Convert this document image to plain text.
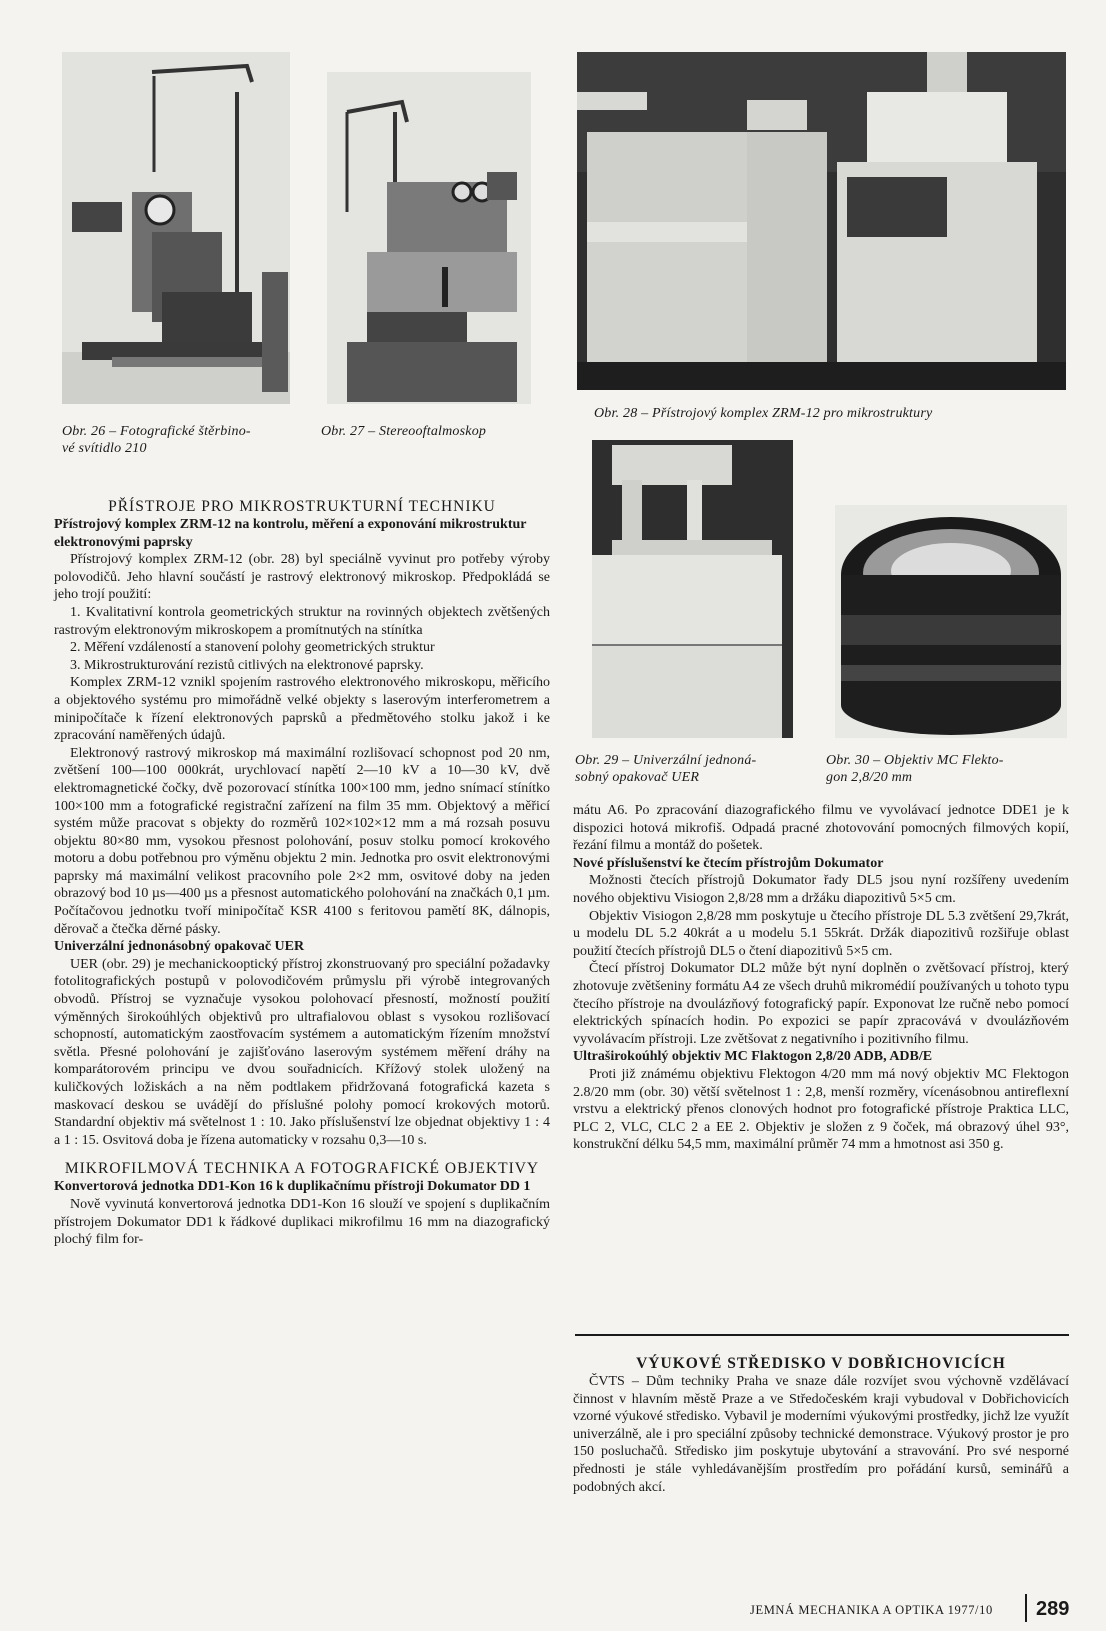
Obr. 26 – Fotografické štěrbino-
vé svítidlo 210
Obr. 27 – Stereooftalmoskop
Obr. 28 – Přístrojový komplex ZRM-12 pro mikrostruktury
Obr. 29 – Univerzální jednoná-
sobný opakovač UER
Obr. 30 – Objektiv MC Flekto-
gon 2,8/20 mm

PŘÍSTROJE PRO MIKROSTRUKTURNÍ TECHNIKU

Přístrojový komplex ZRM-12 na kontrolu, měření a exponování mikrostruktur elektronovými paprsky

Přístrojový komplex ZRM-12 (obr. 28) byl speciálně vyvinut pro potřeby výroby polovodičů. Jeho hlavní součástí je rastrový elektronový mikroskop. Předpokládá se jeho trojí použití:

1. Kvalitativní kontrola geometrických struktur na rovinných objektech zvětšených rastrovým elektronovým mikroskopem a promítnutých na stínítka

2. Měření vzdáleností a stanovení polohy geometrických struktur

3. Mikrostrukturování rezistů citlivých na elektronové paprsky.

Komplex ZRM-12 vznikl spojením rastrového elektronového mikroskopu, měřicího a objektového systému pro mimořádně velké objekty s laserovým interferometrem a minipočítače k řízení elektronových paprsků a předmětového stolku jakož i ke zpracování naměřených údajů.

Elektronový rastrový mikroskop má maximální rozlišovací schopnost pod 20 nm, zvětšení 100—100 000krát, urychlovací napětí 2—10 kV a 10—30 kV, dvě elektromagnetické čočky, dvě pozorovací stínítka 100×100 mm, jedno snímací stínítko 100×100 mm a fotografické registrační zařízení na film 35 mm. Objektový a měřicí systém může pracovat s objekty do rozměrů 102×102×12 mm a má rozsah posuvu objektu 80×80 mm, vysokou přesnost polohování, posuv stolku pomocí krokového motoru a dobu potřebnou pro výměnu objektu 2 min. Jednotka pro osvit elektronovými paprsky má maximální velikost pracovního pole 2×2 mm, osvitové doby na jeden obrazový bod 10 µs—400 µs a přesnost automatického polohování na značkách 0,1 µm. Počítačovou jednotku tvoří minipočítač KSR 4100 s feritovou pamětí 8K, dálnopis, děrovač a čtečka děrné pásky.

Univerzální jednonásobný opakovač UER

UER (obr. 29) je mechanickooptický přístroj zkonstruovaný pro speciální požadavky fotolitografických postupů v polovodičovém průmyslu při výrobě integrovaných obvodů. Přístroj se vyznačuje vysokou polohovací přesností, možností použití výměnných širokoúhlých objektivů pro ultrafialovou oblast s vysokou rozlišovací schopností, automatickým zaostřovacím systémem a automatickým řízením množství světla. Přesné polohování je zajišťováno laserovým systémem měření dráhy na komparátorovém principu ve dvou souřadnicích. Křížový stolek uložený na kuličkových ložiskách a na něm podtlakem přidržovaná fotografická kazeta s maskovací deskou se uvádějí do příslušné polohy pomocí krokových motorů. Standardní objektiv má světelnost 1 : 10. Jako příslušenství lze objednat objektivy 1 : 4 a 1 : 15. Osvitová doba je řízena automaticky v rozsahu 0,3—10 s.

MIKROFILMOVÁ TECHNIKA A FOTOGRAFICKÉ OBJEKTIVY

Konvertorová jednotka DD1-Kon 16 k duplikačnímu přístroji Dokumator DD 1

Nově vyvinutá konvertorová jednotka DD1-Kon 16 slouží ve spojení s duplikačním přístrojem Dokumator DD1 k řádkové duplikaci mikrofilmu 16 mm na diazografický plochý film for-

mátu A6. Po zpracování diazografického filmu ve vyvolávací jednotce DDE1 je k dispozici hotová mikrofiš. Odpadá pracné zhotovování pomocných filmových kopií, řezání filmu a montáž do pošetek.

Nové příslušenství ke čtecím přístrojům Dokumator

Možnosti čtecích přístrojů Dokumator řady DL5 jsou nyní rozšířeny uvedením nového objektivu Visiogon 2,8/28 mm a držáku diapozitivů 5×5 cm.

Objektiv Visiogon 2,8/28 mm poskytuje u čtecího přístroje DL 5.3 zvětšení 29,7krát, u modelu DL 5.2 40krát a u modelu 5.1 55krát. Držák diapozitivů rozšiřuje oblast použití čtecích přístrojů DL5 o čtení diapozitivů 5×5 cm.

Čtecí přístroj Dokumator DL2 může být nyní doplněn o zvětšovací přístroj, který zhotovuje zvětšeniny formátu A4 ze všech druhů mikromédií používaných u tohoto typu čtecího přístroje na dvoulázňový fotografický papír. Exponovat lze ručně nebo pomocí elektrických spínacích hodin. Po expozici se papír zpracovává v dvoulázňovém vyvolávacím přístroji. Lze zvětšovat z negativního i pozitivního filmu.

Ultraširokoúhlý objektiv MC Flaktogon 2,8/20 ADB, ADB/E

Proti již známému objektivu Flektogon 4/20 mm má nový objektiv MC Flektogon 2.8/20 mm (obr. 30) větší světelnost 1 : 2,8, menší rozměry, vícenásobnou antireflexní vrstvu a elektrický přenos clonových hodnot pro fotografické přístroje Praktica LLC, PLC 2, VLC, CLC 2 a EE 2. Objektiv je složen z 9 čoček, má obrazový úhel 93°, konstrukční délku 54,5 mm, maximální průměr 74 mm a hmotnost asi 350 g.

VÝUKOVÉ STŘEDISKO V DOBŘICHOVICÍCH

ČVTS – Dům techniky Praha ve snaze dále rozvíjet svou výchovně vzdělávací činnost v hlavním městě Praze a ve Středočeském kraji vybudoval v Dobřichovicích vzorné výukové středisko. Vybavil je moderními výukovými prostředky, jichž lze využít univerzálně, ale i pro speciální způsoby technické demonstrace. Výukový prostor je pro 150 posluchačů. Středisko jim poskytuje ubytování a stravování. Pro své nesporné přednosti je stále vyhledávanějším prostředím pro pořádání kursů, seminářů a podobných akcí.

JEMNÁ MECHANIKA A OPTIKA 1977/10 289
